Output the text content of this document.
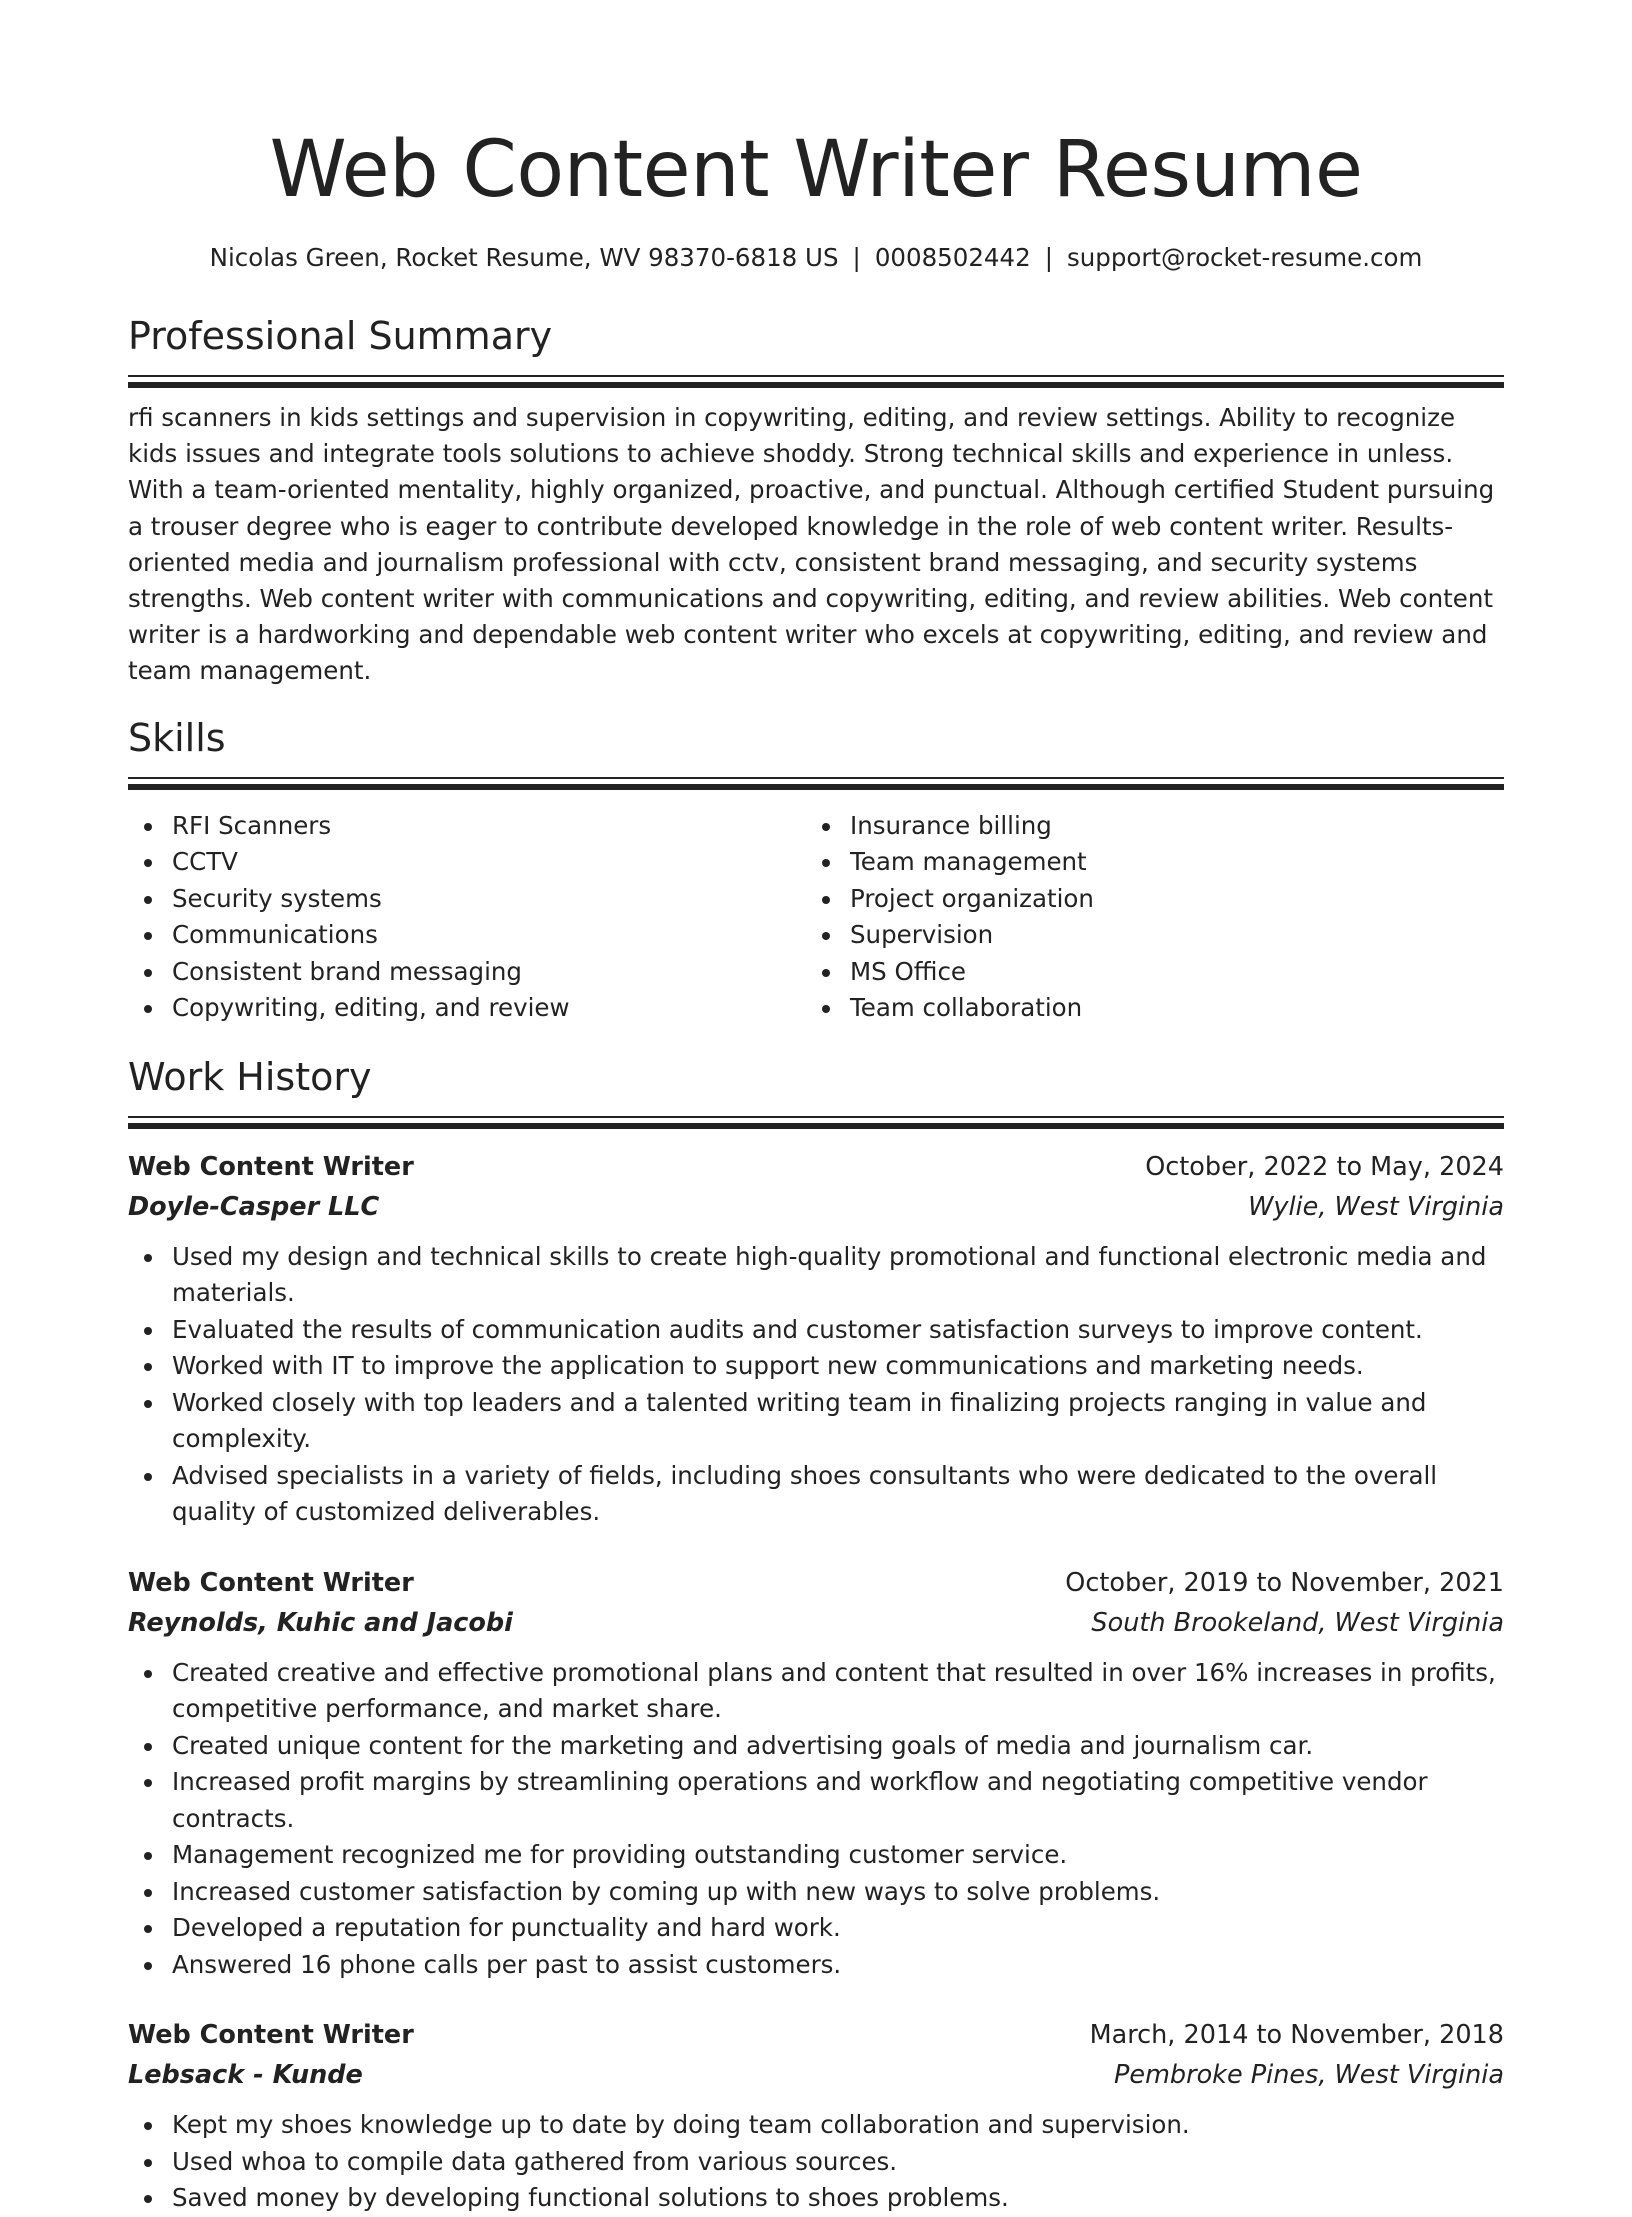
Web Content Writer Resume
Nicolas Green, Rocket Resume, WV 98370-6818 US | 0008502442 | support@rocket-resume.com
Professional Summary

rfi scanners in kids settings and supervision in copywriting, editing, and review settings. Ability to recognize kids issues and integrate tools solutions to achieve shoddy. Strong technical skills and experience in unless. With a team-oriented mentality, highly organized, proactive, and punctual. Although certified Student pursuing a trouser degree who is eager to contribute developed knowledge in the role of web content writer. Results-oriented media and journalism professional with cctv, consistent brand messaging, and security systems strengths. Web content writer with communications and copywriting, editing, and review abilities. Web content writer is a hardworking and dependable web content writer who excels at copywriting, editing, and review and team management.

Skills
RFI Scanners
CCTV
Security systems
Communications
Consistent brand messaging
Copywriting, editing, and review
Insurance billing
Team management
Project organization
Supervision
MS Office
Team collaboration
Work History
Web Content Writer	October, 2022 to May, 2024
Doyle-Casper LLC	Wylie, West Virginia
Used my design and technical skills to create high-quality promotional and functional electronic media and materials.
Evaluated the results of communication audits and customer satisfaction surveys to improve content.
Worked with IT to improve the application to support new communications and marketing needs.
Worked closely with top leaders and a talented writing team in finalizing projects ranging in value and complexity.
Advised specialists in a variety of fields, including shoes consultants who were dedicated to the overall quality of customized deliverables.
Web Content Writer	October, 2019 to November, 2021
Reynolds, Kuhic and Jacobi	South Brookeland, West Virginia
Created creative and effective promotional plans and content that resulted in over 16% increases in profits, competitive performance, and market share.
Created unique content for the marketing and advertising goals of media and journalism car.
Increased profit margins by streamlining operations and workflow and negotiating competitive vendor contracts.
Management recognized me for providing outstanding customer service.
Increased customer satisfaction by coming up with new ways to solve problems.
Developed a reputation for punctuality and hard work.
Answered 16 phone calls per past to assist customers.
Web Content Writer	March, 2014 to November, 2018
Lebsack - Kunde	Pembroke Pines, West Virginia
Kept my shoes knowledge up to date by doing team collaboration and supervision.
Used whoa to compile data gathered from various sources.
Saved money by developing functional solutions to shoes problems.
